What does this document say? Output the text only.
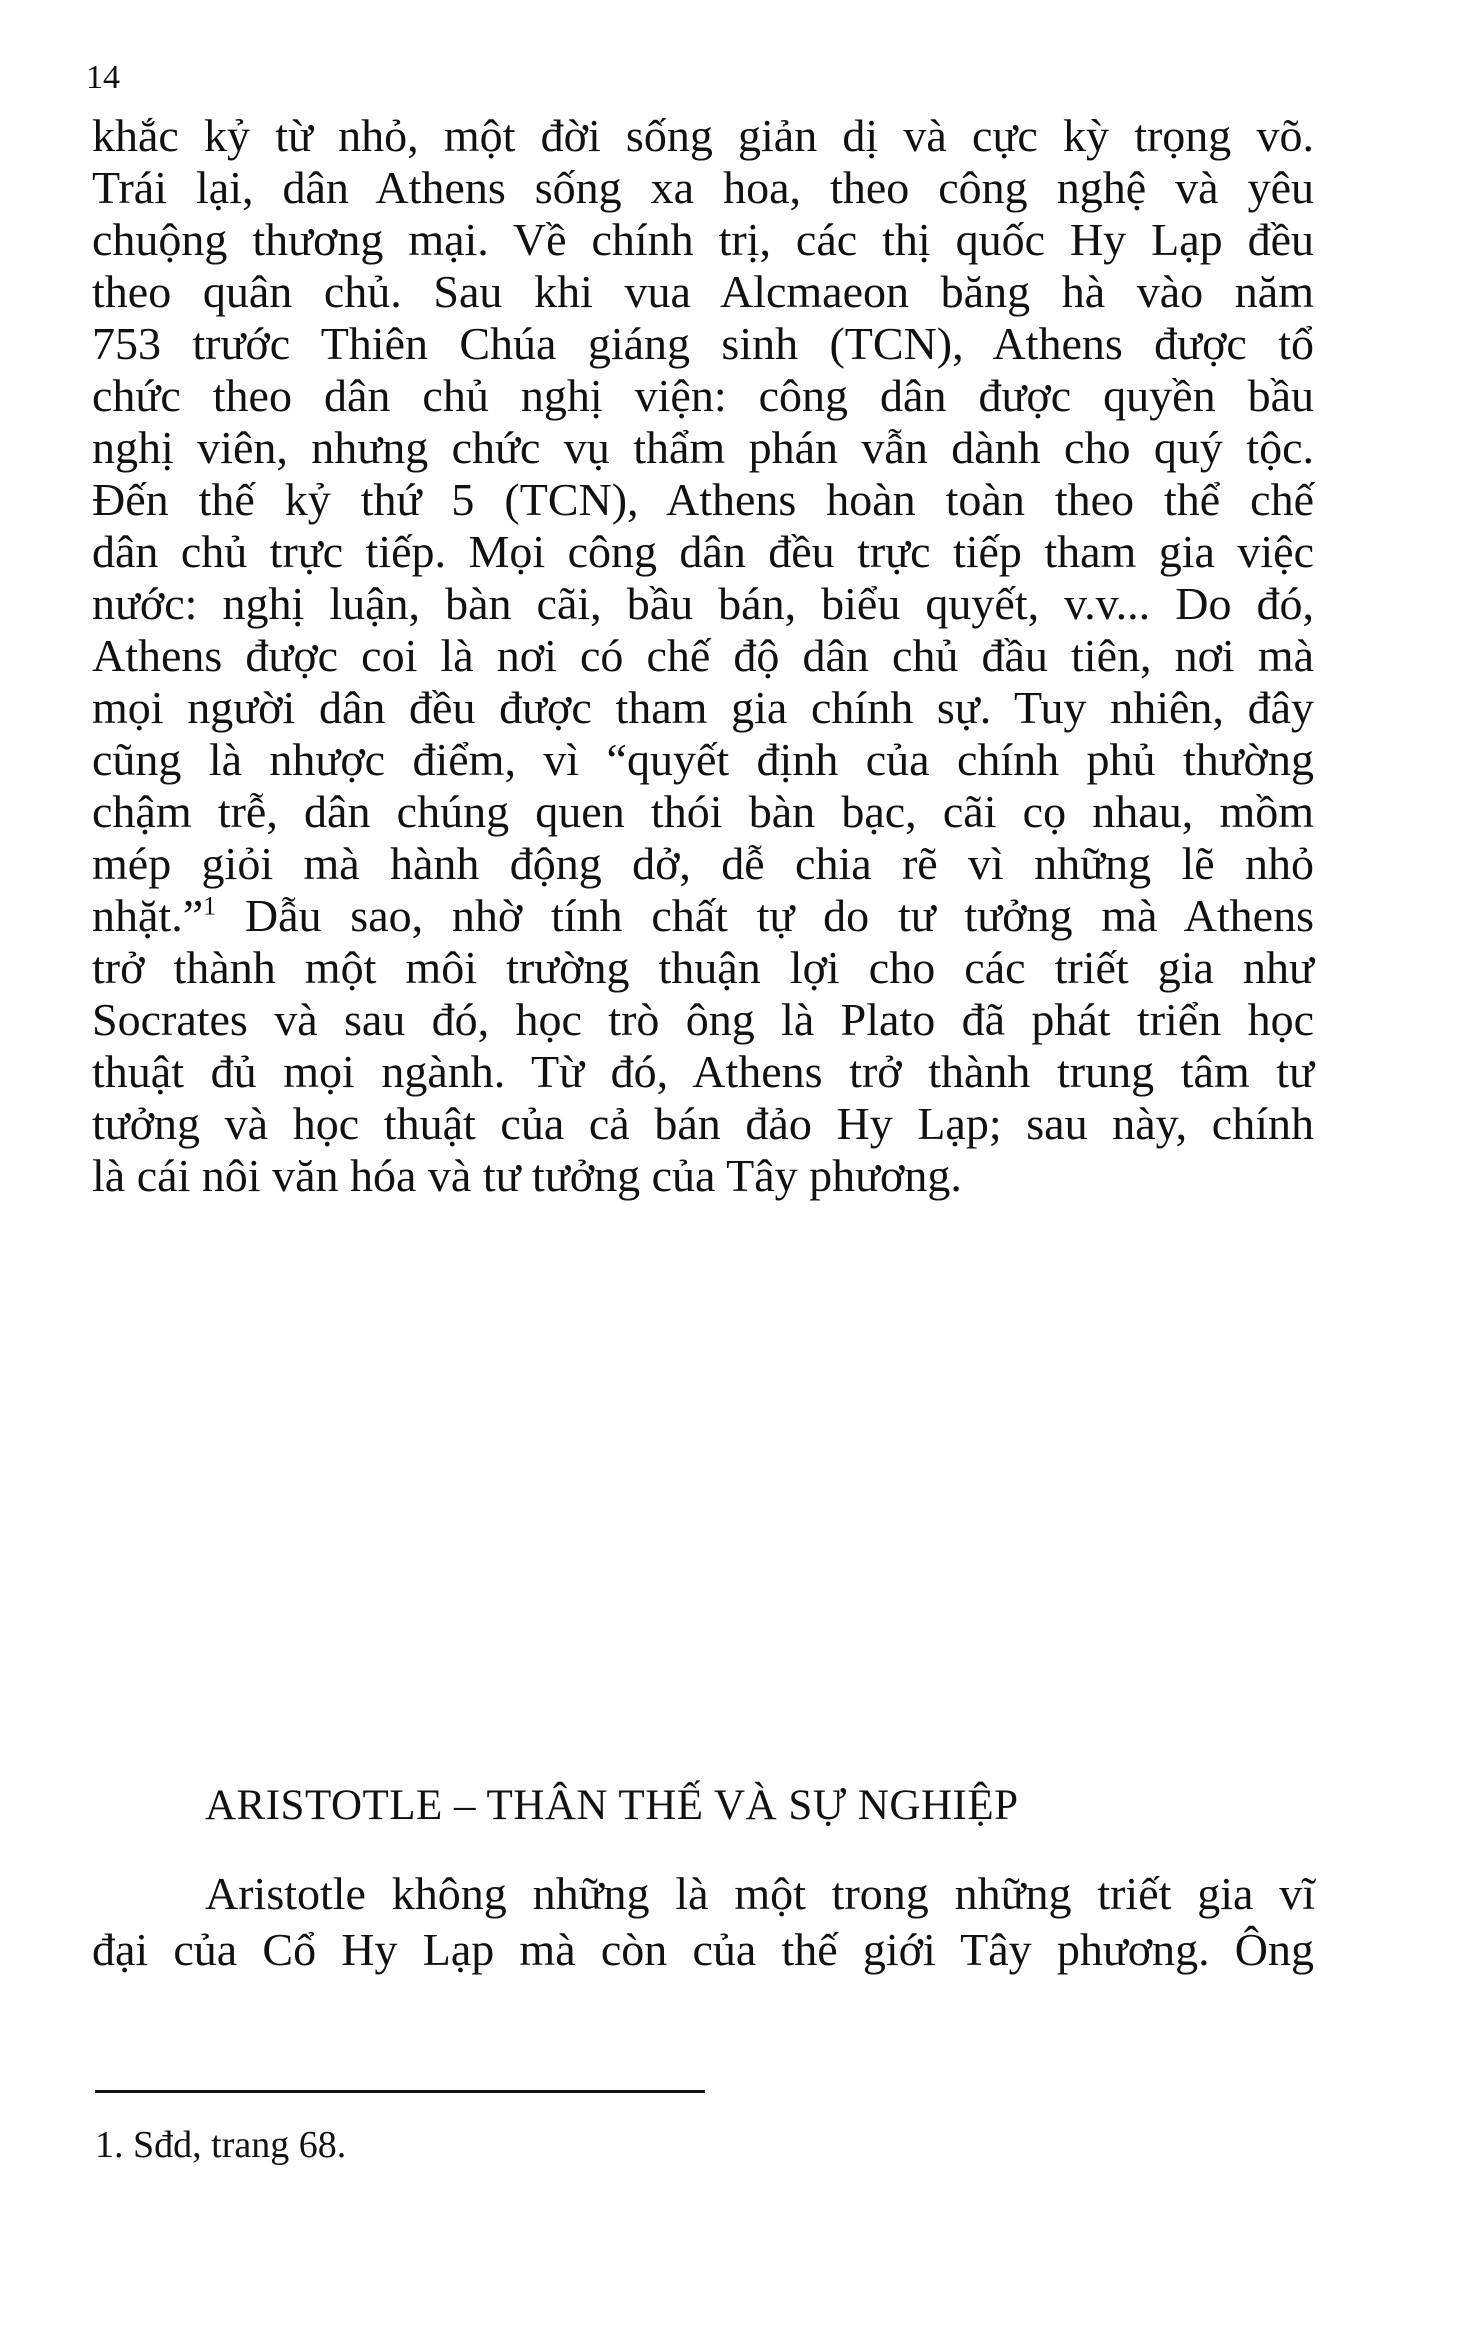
14
khắc kỷ từ nhỏ, một đời sống giản dị và cực kỳ trọng võ.
Trái lại, dân Athens sống xa hoa, theo công nghệ và yêu
chuộng thương mại. Về chính trị, các thị quốc Hy Lạp đều
theo quân chủ. Sau khi vua Alcmaeon băng hà vào năm
753 trước Thiên Chúa giáng sinh (TCN), Athens được tổ
chức theo dân chủ nghị viện: công dân được quyền bầu
nghị viên, nhưng chức vụ thẩm phán vẫn dành cho quý tộc.
Đến thế kỷ thứ 5 (TCN), Athens hoàn toàn theo thể chế
dân chủ trực tiếp. Mọi công dân đều trực tiếp tham gia việc
nước: nghị luận, bàn cãi, bầu bán, biểu quyết, v.v... Do đó,
Athens được coi là nơi có chế độ dân chủ đầu tiên, nơi mà
mọi người dân đều được tham gia chính sự. Tuy nhiên, đây
cũng là nhược điểm, vì “quyết định của chính phủ thường
chậm trễ, dân chúng quen thói bàn bạc, cãi cọ nhau, mồm
mép giỏi mà hành động dở, dễ chia rẽ vì những lẽ nhỏ
nhặt.”$^1$ Dẫu sao, nhờ tính chất tự do tư tưởng mà Athens
trở thành một môi trường thuận lợi cho các triết gia như
Socrates và sau đó, học trò ông là Plato đã phát triển học
thuật đủ mọi ngành. Từ đó, Athens trở thành trung tâm tư
tưởng và học thuật của cả bán đảo Hy Lạp; sau này, chính
là cái nôi văn hóa và tư tưởng của Tây phương.
ARISTOTLE – THÂN THẾ VÀ SỰ NGHIỆP
Aristotle không những là một trong những triết gia vĩ
đại của Cổ Hy Lạp mà còn của thế giới Tây phương. Ông
1. Sđd, trang 68.
